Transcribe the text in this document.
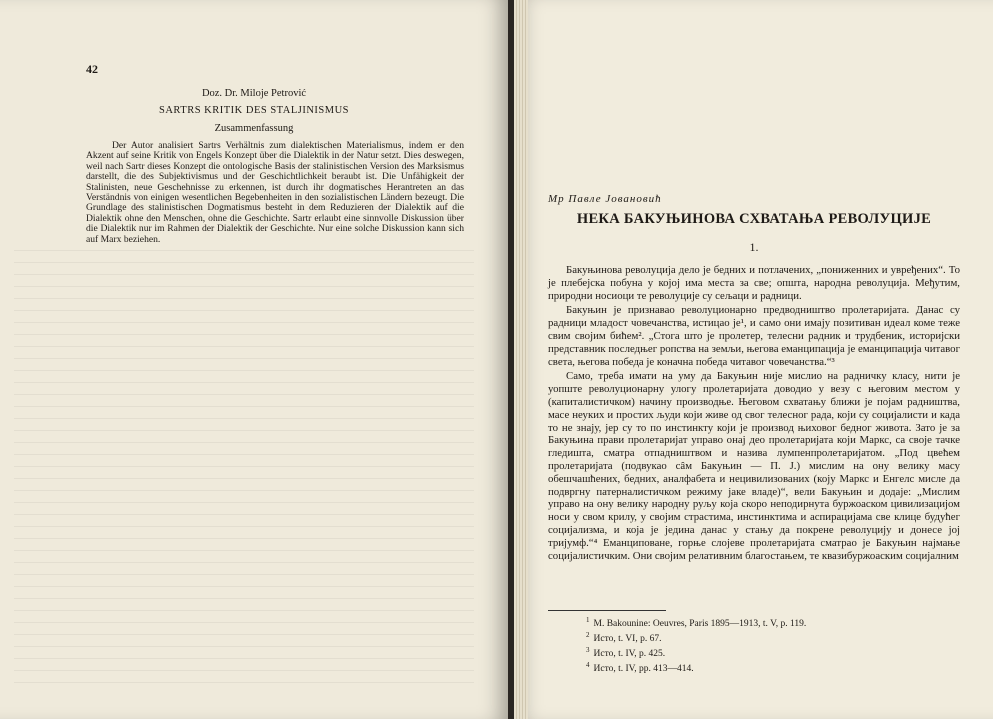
42
Doz. Dr. Miloje Petrović
SARTRS KRITIK DES STALJINISMUS
Zusammenfassung

Der Autor analisiert Sartrs Verhältnis zum dialektischen Materialismus, indem er den Akzent auf seine Kritik von Engels Konzept über die Dialektik in der Natur setzt. Dies deswegen, weil nach Sartr dieses Konzept die ontologische Basis der stalinistischen Version des Marksismus darstellt, die des Subjektivismus und der Geschichtlichkeit beraubt ist. Die Unfähigkeit der Stalinisten, neue Geschehnisse zu erkennen, ist durch ihr dogmatisches Herantreten an das Verständnis von einigen wesentlichen Begebenheiten in den sozialistischen Ländern bezeugt. Die Grundlage des stalinistischen Dogmatismus besteht in dem Reduzieren der Dialektik auf die Dialektik ohne den Menschen, ohne die Geschichte. Sartr erlaubt eine sinnvolle Diskussion über die Dialektik nur im Rahmen der Dialektik der Geschichte. Nur eine solche Diskussion kann sich auf Marx beziehen.

Мр Павле Јовановић
НЕКА БАКУЊИНОВА СХВАТАЊА РЕВОЛУЦИЈЕ
1.

Бакуњинова револуција дело је бедних и потлачених, „пониженних и увређених“. То је плебејска побуна у којој има места за све; општа, народна револуција. Међутим, природни носиоци те револуције су сељаци и радници.

Бакуњин је признавао револуционарно предводништво пролетаријата. Данас су радници младост човечанства, истицао је¹, и само они имају позитиван идеал коме теже свим својим бићем². „Стога што је пролетер, телесни радник и трудбеник, историјски представник последњег ропства на земљи, његова еманципација је еманципација читавог света, његова победа је коначна победа читавог човечанства.“³

Само, треба имати на уму да Бакуњин није мислио на радничку класу, нити је уопште револуционарну улогу пролетаријата доводио у везу с његовим местом у (капиталистичком) начину производње. Његовом схватању ближи је појам радништва, масе неуких и простих људи који живе од свог телесног рада, који су социјалисти и када то не знају, јер су то по инстинкту који је производ њиховог бедног живота. Зато је за Бакуњина прави пролетаријат управо онај део пролетаријата који Маркс, са своје тачке гледишта, сматра отпадништвом и назива лумпенпролетаријатом. „Под цвећем пролетаријата (подвукао сâм Бакуњин — П. Ј.) мислим на ону велику масу обешчашћених, бедних, аналфабета и нецивилизованих (коју Маркс и Енгелс мисле да подвргну патерналистичком режиму јаке владе)“, вели Бакуњин и додаје: „Мислим управо на ону велику народну руљу која скоро неподирнута буржоаском цивилизацијом носи у свом крилу, у својим страстима, инстинктима и аспирацијама све клице будућег социјализма, и која је једина данас у стању да покрене револуцију и донесе јој тријумф.“⁴ Еманциповане, горње слојеве пролетаријата сматрао је Бакуњин најмање социјалистичким. Они својим релативним благостањем, те квазибуржоаским социјалним

$^1$ M. Bakounine: Oeuvres, Paris 1895—1913, t. V, p. 119.
$^2$ Исто, t. VI, p. 67.
$^3$ Исто, t. IV, p. 425.
$^4$ Исто, t. IV, pp. 413—414.
